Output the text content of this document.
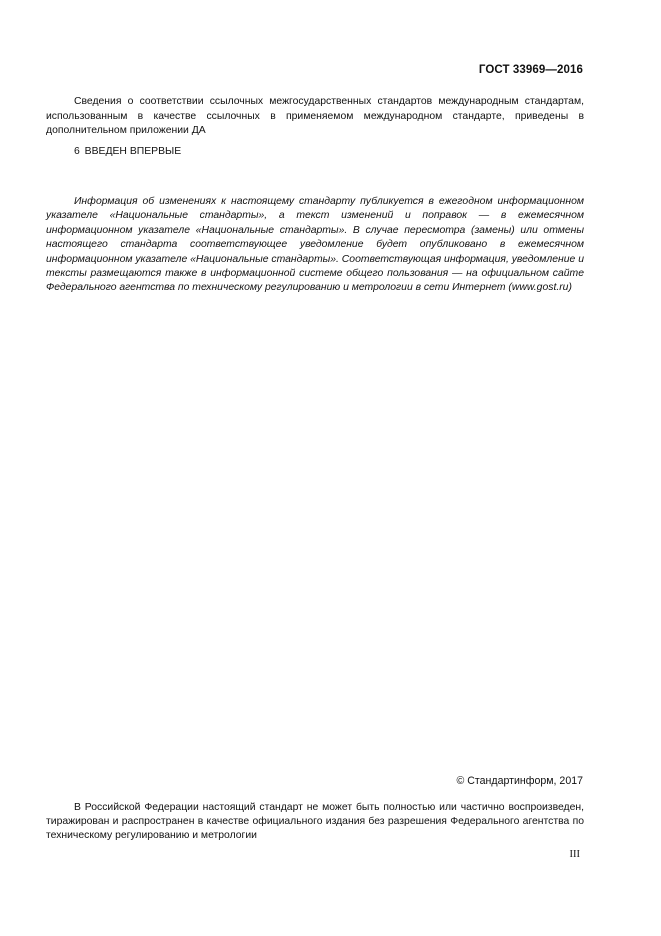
ГОСТ 33969—2016

Сведения о соответствии ссылочных межгосударственных стандартов международным стандартам, использованным в качестве ссылочных в применяемом международном стандарте, приведены в дополнительном приложении ДА

6 ВВЕДЕН ВПЕРВЫЕ

Информация об изменениях к настоящему стандарту публикуется в ежегодном информационном указателе «Национальные стандарты», а текст изменений и поправок — в ежемесячном информационном указателе «Национальные стандарты». В случае пересмотра (замены) или отмены настоящего стандарта соответствующее уведомление будет опубликовано в ежемесячном информационном указателе «Национальные стандарты». Соответствующая информация, уведомление и тексты размещаются также в информационной системе общего пользования — на официальном сайте Федерального агентства по техническому регулированию и метрологии в сети Интернет (www.gost.ru)

© Стандартинформ, 2017

В Российской Федерации настоящий стандарт не может быть полностью или частично воспроизведен, тиражирован и распространен в качестве официального издания без разрешения Федерального агентства по техническому регулированию и метрологии

III
